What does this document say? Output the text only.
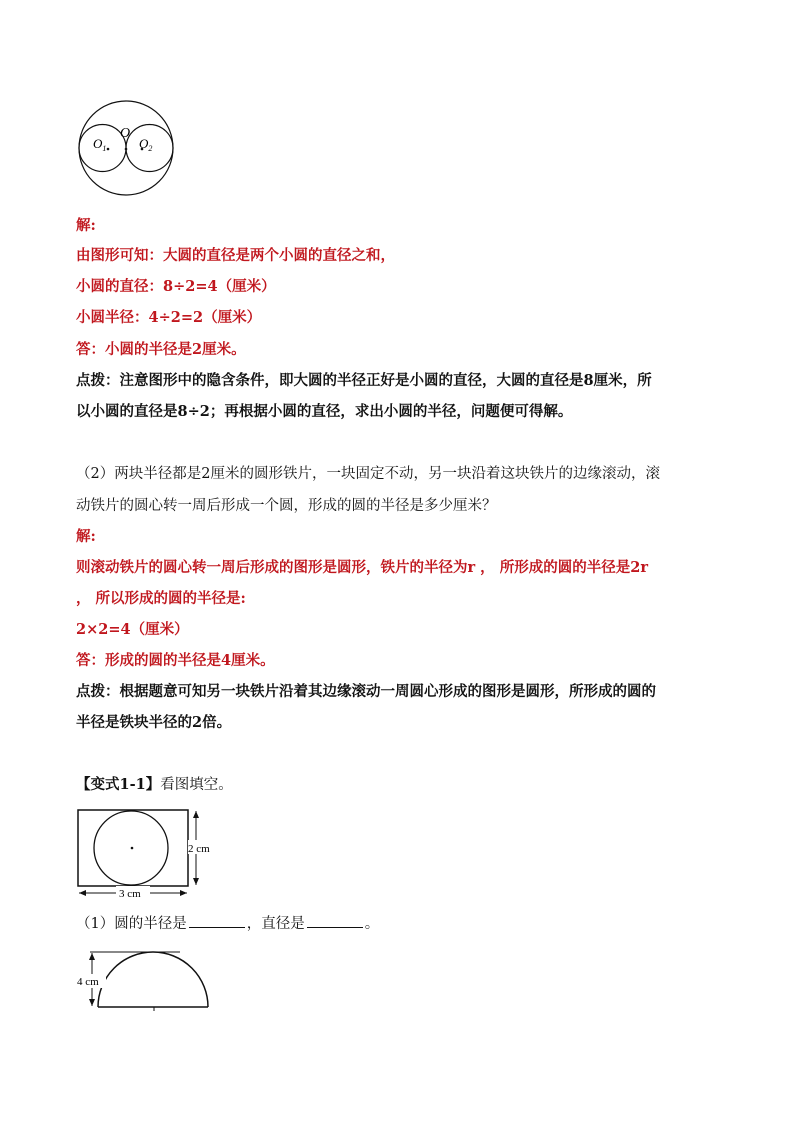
O
$O_1$	$O_2$
解:
由图形可知：大圆的直径是两个小圆的直径之和，
小圆的直径：8÷2=4（厘米）
小圆半径：4÷2=2（厘米）
答：小圆的半径是2厘米。
点拨：注意图形中的隐含条件，即大圆的半径正好是小圆的直径，大圆的直径是8厘米，所
以小圆的直径是8÷2；再根据小圆的直径，求出小圆的半径，问题便可得解。
（2）两块半径都是2厘米的圆形铁片，一块固定不动，另一块沿着这块铁片的边缘滚动，滚
动铁片的圆心转一周后形成一个圆，形成的圆的半径是多少厘米？
解:
则滚动铁片的圆心转一周后形成的图形是圆形，铁片的半径为r ， 所形成的圆的半径是2r
， 所以形成的圆的半径是:
2×2=4（厘米）
答：形成的圆的半径是4厘米。
点拨：根据题意可知另一块铁片沿着其边缘滚动一周圆心形成的图形是圆形，所形成的圆的
半径是铁块半径的2倍。
【变式1-1】看图填空。
2 cm
3 cm
（1）圆的半径是	，直径是	。
4 cm
